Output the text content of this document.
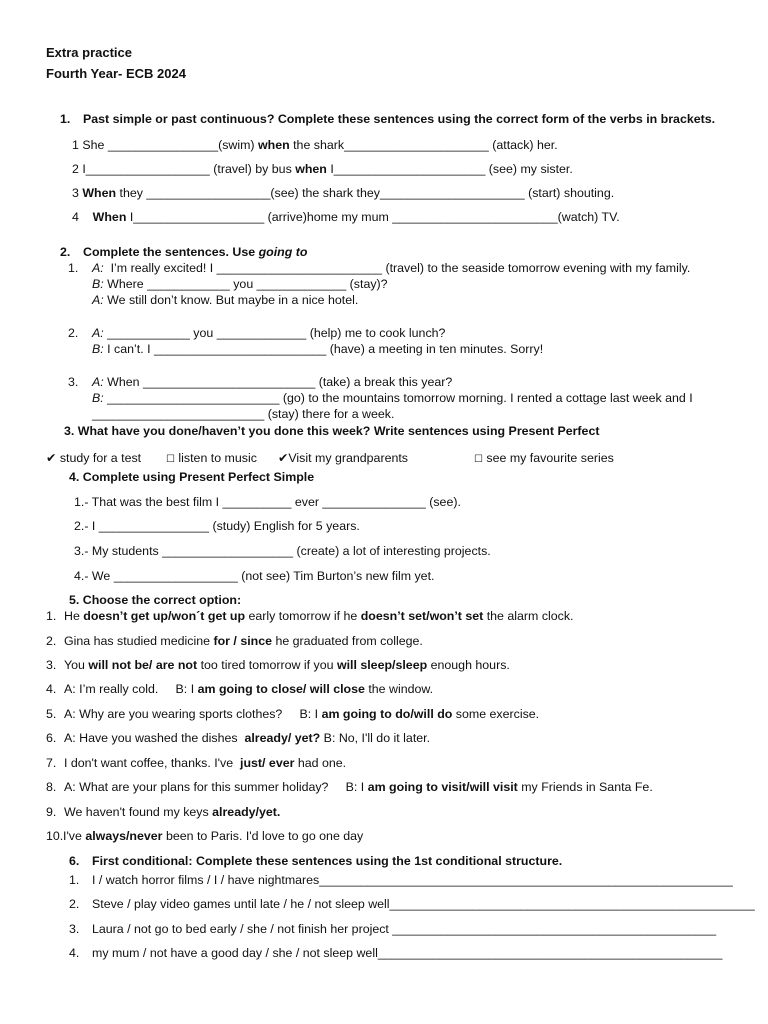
Extra practice
Fourth Year- ECB 2024
1. Past simple or past continuous? Complete these sentences using the correct form of the verbs in brackets.
1 She ________________(swim) when the shark_____________________ (attack) her.
2 I__________________ (travel) by bus when I______________________ (see) my sister.
3 When they __________________(see) the shark they_____________________ (start) shouting.
4    When I___________________ (arrive)home my mum ________________________(watch) TV.
2. Complete the sentences. Use going to
1. A:  I’m really excited! I ________________________ (travel) to the seaside tomorrow evening with my family.
B: Where ____________ you _____________ (stay)?
A: We still don’t know. But maybe in a nice hotel.
2. A: ____________ you _____________ (help) me to cook lunch?
B: I can’t. I _________________________ (have) a meeting in ten minutes. Sorry!
3. A: When _________________________ (take) a break this year?
B: _________________________ (go) to the mountains tomorrow morning. I rented a cottage last week and I
_________________________ (stay) there for a week.
3. What have you done/haven’t you done this week? Write sentences using Present Perfect
✔ study for a test ☐ listen to music ✔Visit my grandparents	☐ see my favourite series
4. Complete using Present Perfect Simple
1.- That was the best film I __________ ever _______________ (see).
2.- I ________________ (study) English for 5 years.
3.- My students ___________________ (create) a lot of interesting projects.
4.- We __________________ (not see) Tim Burton’s new film yet.
5. Choose the correct option:
1. He doesn’t get up/won´t get up early tomorrow if he doesn’t set/won’t set the alarm clock.
2. Gina has studied medicine for / since he graduated from college.
3. You will not be/ are not too tired tomorrow if you will sleep/sleep enough hours.
4. A: I’m really cold.     B: I am going to close/ will close the window.
5. A: Why are you wearing sports clothes?     B: I am going to do/will do some exercise.
6. A: Have you washed the dishes  already/ yet? B: No, I'll do it later.
7. I don't want coffee, thanks. I've  just/ ever had one.
8. A: What are your plans for this summer holiday?     B: I am going to visit/will visit my Friends in Santa Fe.
9. We haven't found my keys already/yet.
10. I've always/never been to Paris. I'd love to go one day
6. First conditional: Complete these sentences using the 1st conditional structure.
1. I / watch horror films / I / have nightmares____________________________________________________________
2. Steve / play video games until late / he / not sleep well_____________________________________________________
3. Laura / not go to bed early / she / not finish her project _______________________________________________
4. my mum / not have a good day / she / not sleep well__________________________________________________
